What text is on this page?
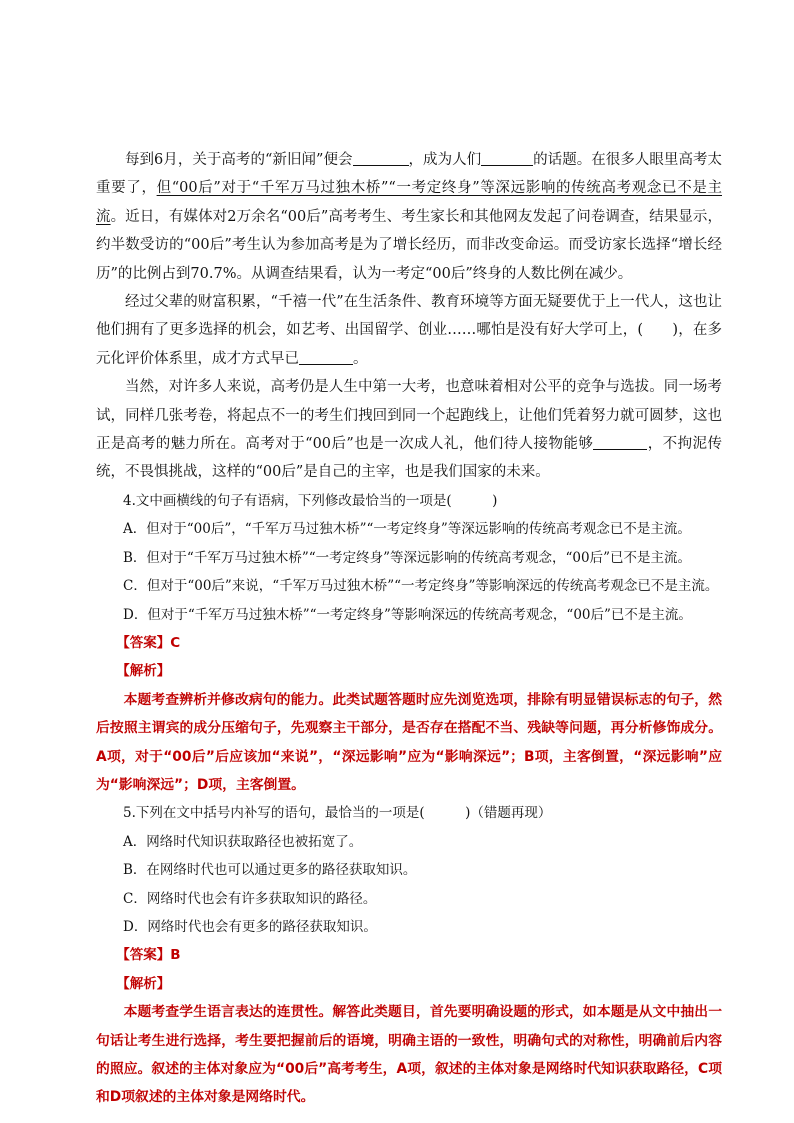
每到6月，关于高考的“新旧闻”便会	，成为人们	的话题。在很多人眼里高考太重要了，但“00后”对于“千军万马过独木桥”“一考定终身”等深远影响的传统高考观念已不是主流。近日，有媒体对2万余名“00后”高考考生、考生家长和其他网友发起了问卷调查，结果显示，约半数受访的“00后”考生认为参加高考是为了增长经历，而非改变命运。而受访家长选择“增长经历”的比例占到70.7%。从调查结果看，认为一考定“00后”终身的人数比例在减少。

经过父辈的财富积累，“千禧一代”在生活条件、教育环境等方面无疑要优于上一代人，这也让他们拥有了更多选择的机会，如艺考、出国留学、创业……哪怕是没有好大学可上，(　　)，在多元化评价体系里，成才方式早已	。

当然，对许多人来说，高考仍是人生中第一大考，也意味着相对公平的竞争与选拔。同一场考试，同样几张考卷，将起点不一的考生们拽回到同一个起跑线上，让他们凭着努力就可圆梦，这也正是高考的魅力所在。高考对于“00后”也是一次成人礼，他们待人接物能够	，不拘泥传统，不畏惧挑战，这样的“00后”是自己的主宰，也是我们国家的未来。

4.文中画横线的句子有语病，下列修改最恰当的一项是(　　　)

A．但对于“00后”，“千军万马过独木桥”“一考定终身”等深远影响的传统高考观念已不是主流。

B．但对于“千军万马过独木桥”“一考定终身”等深远影响的传统高考观念，“00后”已不是主流。

C．但对于“00后”来说，“千军万马过独木桥”“一考定终身”等影响深远的传统高考观念已不是主流。

D．但对于“千军万马过独木桥”“一考定终身”等影响深远的传统高考观念，“00后”已不是主流。

【答案】C

【解析】

本题考查辨析并修改病句的能力。此类试题答题时应先浏览选项，排除有明显错误标志的句子，然后按照主谓宾的成分压缩句子，先观察主干部分，是否存在搭配不当、残缺等问题，再分析修饰成分。A项，对于“00后”后应该加“来说”，“深远影响”应为“影响深远”；B项，主客倒置，“深远影响”应为“影响深远”；D项，主客倒置。

5.下列在文中括号内补写的语句，最恰当的一项是(　　　)（错题再现）

A．网络时代知识获取路径也被拓宽了。

B．在网络时代也可以通过更多的路径获取知识。

C．网络时代也会有许多获取知识的路径。

D．网络时代也会有更多的路径获取知识。

【答案】B

【解析】

本题考查学生语言表达的连贯性。解答此类题目，首先要明确设题的形式，如本题是从文中抽出一句话让考生进行选择，考生要把握前后的语境，明确主语的一致性，明确句式的对称性，明确前后内容的照应。叙述的主体对象应为“00后”高考考生，A项，叙述的主体对象是网络时代知识获取路径，C项和D项叙述的主体对象是网络时代。
